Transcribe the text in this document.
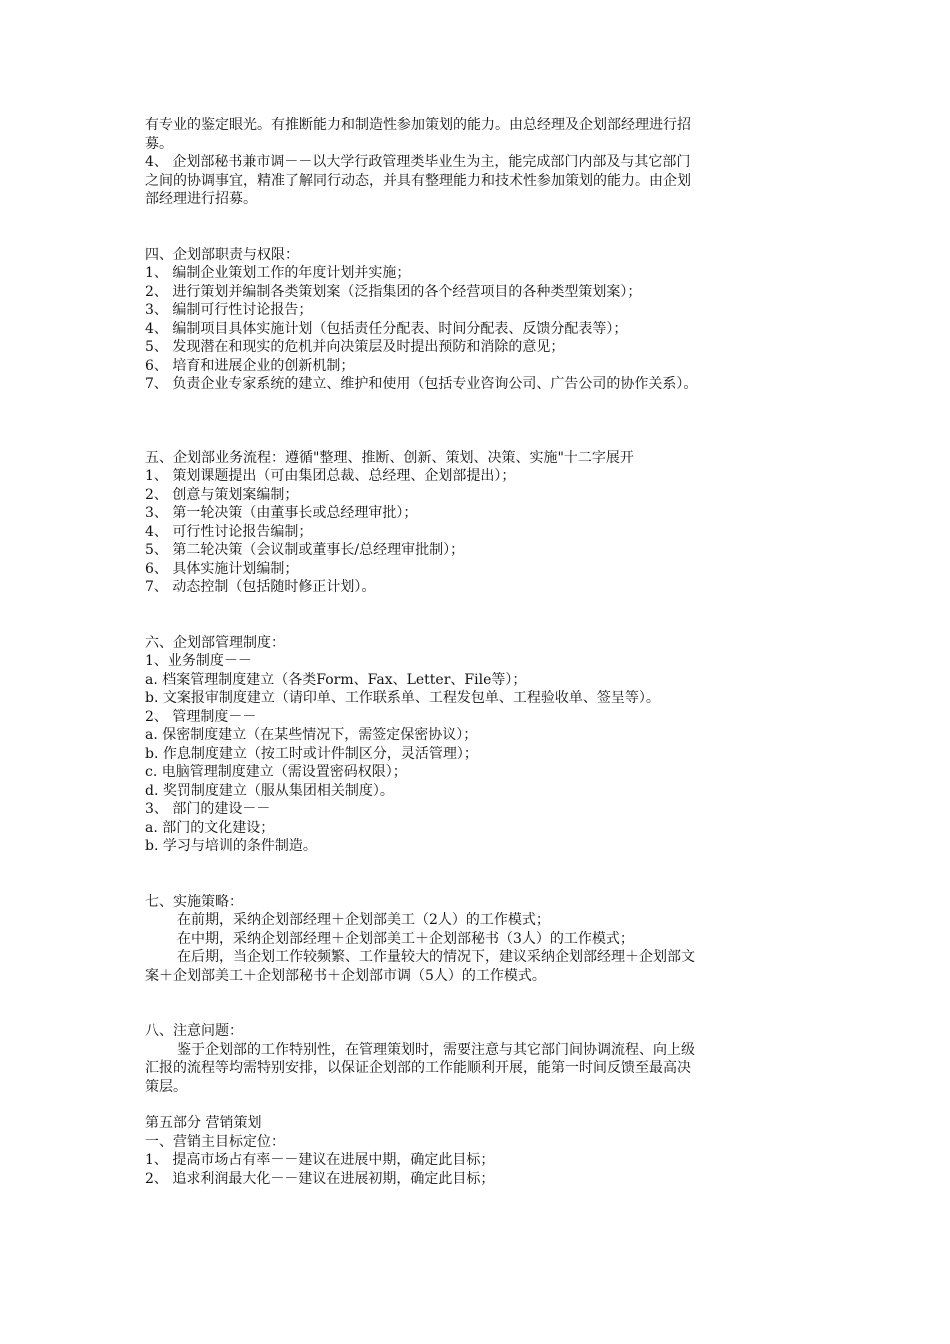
有专业的鉴定眼光。有推断能力和制造性参加策划的能力。由总经理及企划部经理进行招
募。
4、 企划部秘书兼市调－－以大学行政管理类毕业生为主，能完成部门内部及与其它部门
之间的协调事宜，精准了解同行动态，并具有整理能力和技术性参加策划的能力。由企划
部经理进行招募。
四、企划部职责与权限：
1、 编制企业策划工作的年度计划并实施；
2、 进行策划并编制各类策划案（泛指集团的各个经营项目的各种类型策划案）；
3、 编制可行性讨论报告；
4、 编制项目具体实施计划（包括责任分配表、时间分配表、反馈分配表等）；
5、 发现潜在和现实的危机并向决策层及时提出预防和消除的意见；
6、 培育和进展企业的创新机制；
7、 负责企业专家系统的建立、维护和使用（包括专业咨询公司、广告公司的协作关系）。
五、企划部业务流程：遵循"整理、推断、创新、策划、决策、实施"十二字展开
1、 策划课题提出（可由集团总裁、总经理、企划部提出）；
2、 创意与策划案编制；
3、 第一轮决策（由董事长或总经理审批）；
4、 可行性讨论报告编制；
5、 第二轮决策（会议制或董事长/总经理审批制）；
6、 具体实施计划编制；
7、 动态控制（包括随时修正计划）。
六、企划部管理制度：
1、业务制度－－
a. 档案管理制度建立（各类Form、Fax、Letter、File等）；
b. 文案报审制度建立（请印单、工作联系单、工程发包单、工程验收单、签呈等）。
2、 管理制度－－
a. 保密制度建立（在某些情况下，需签定保密协议）；
b. 作息制度建立（按工时或计件制区分，灵活管理）；
c. 电脑管理制度建立（需设置密码权限）；
d. 奖罚制度建立（服从集团相关制度）。
3、 部门的建设－－
a. 部门的文化建设；
b. 学习与培训的条件制造。
七、实施策略：
在前期，采纳企划部经理＋企划部美工（2人）的工作模式；
在中期，采纳企划部经理＋企划部美工＋企划部秘书（3人）的工作模式；
在后期，当企划工作较频繁、工作量较大的情况下，建议采纳企划部经理＋企划部文
案＋企划部美工＋企划部秘书＋企划部市调（5人）的工作模式。
八、注意问题：
鉴于企划部的工作特别性，在管理策划时，需要注意与其它部门间协调流程、向上级
汇报的流程等均需特别安排，以保证企划部的工作能顺利开展，能第一时间反馈至最高决
策层。
第五部分 营销策划
一、营销主目标定位：
1、 提高市场占有率－－建议在进展中期，确定此目标；
2、 追求利润最大化－－建议在进展初期，确定此目标；
